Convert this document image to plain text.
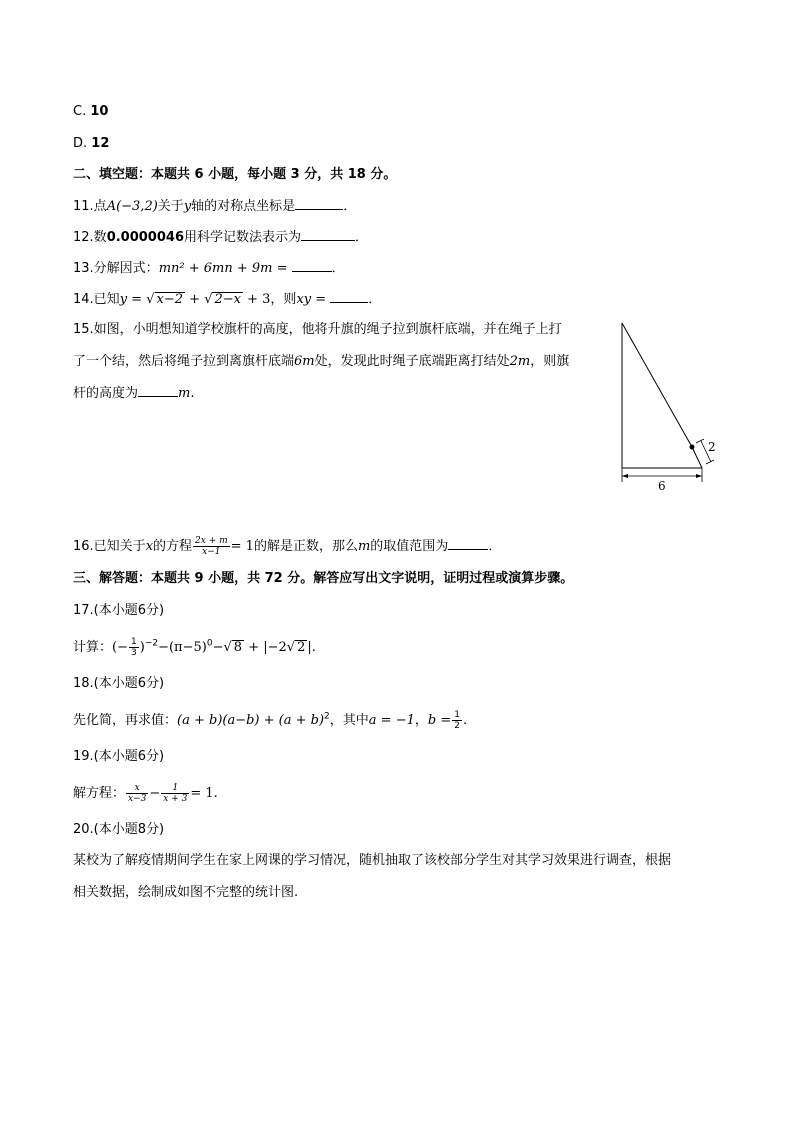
C. 10
D. 12
二、填空题：本题共 6 小题，每小题 3 分，共 18 分。
11.点A(−3,2)关于y轴的对称点坐标是	．
12.数0.0000046用科学记数法表示为	．
13.分解因式：mn² + 6mn + 9m =	．
14.已知y = √ x−2 + √ 2−x + 3，则xy =	．
15.如图，小明想知道学校旗杆的高度，他将升旗的绳子拉到旗杆底端，并在绳子上打
了一个结，然后将绳子拉到离旗杆底端6m处，发现此时绳子底端距离打结处2m，则旗
杆的高度为	m.
2
6
16.已知关于x的方程 $\frac{2x + m}{x-1} = 1$的解是正数，那么m的取值范围为	．
三、解答题：本题共 9 小题，共 72 分。解答应写出文字说明，证明过程或演算步骤。
17.(本小题6分)
计算：(− $\frac{1}{3} )^{-2}-(\pi-5)^0-√$ 8 + |−2√ 2 |.
18.(本小题6分)
先化简，再求值：$(a + b)(a-b) + (a + b)^2$，其中a = −1，$b = \frac{1}{2}$ .
19.(本小题6分)
解方程： $\frac{x}{x-3} - \frac{1}{x + 3} = 1$.
20.(本小题8分)
某校为了解疫情期间学生在家上网课的学习情况，随机抽取了该校部分学生对其学习效果进行调查，根据
相关数据，绘制成如图不完整的统计图.
